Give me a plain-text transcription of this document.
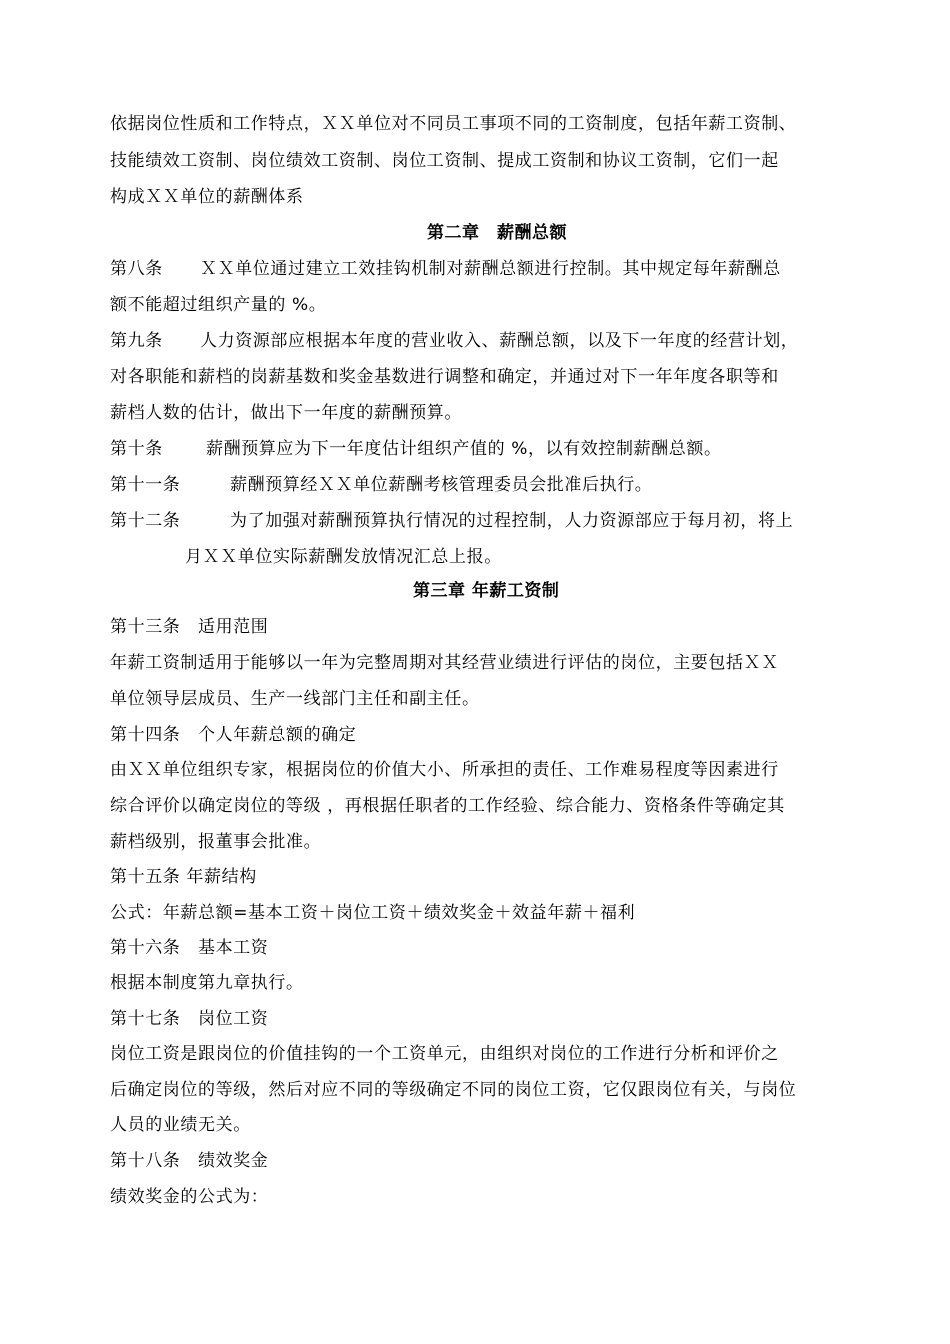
依据岗位性质和工作特点，ＸＸ单位对不同员工事项不同的工资制度，包括年薪工资制、
技能绩效工资制、岗位绩效工资制、岗位工资制、提成工资制和协议工资制，它们一起
构成ＸＸ单位的薪酬体系
第二章　薪酬总额
第八条 ＸＸ单位通过建立工效挂钩机制对薪酬总额进行控制。其中规定每年薪酬总
额不能超过组织产量的 %。
第九条 人力资源部应根据本年度的营业收入、薪酬总额，以及下一年度的经营计划，
对各职能和薪档的岗薪基数和奖金基数进行调整和确定，并通过对下一年年度各职等和
薪档人数的估计，做出下一年度的薪酬预算。
第十条	薪酬预算应为下一年度估计组织产值的 %，以有效控制薪酬总额。
第十一条	薪酬预算经ＸＸ单位薪酬考核管理委员会批准后执行。
第十二条	为了加强对薪酬预算执行情况的过程控制，人力资源部应于每月初，将上
月ＸＸ单位实际薪酬发放情况汇总上报。
第三章 年薪工资制
第十三条　适用范围
年薪工资制适用于能够以一年为完整周期对其经营业绩进行评估的岗位，主要包括ＸＸ
单位领导层成员、生产一线部门主任和副主任。
第十四条　个人年薪总额的确定
由ＸＸ单位组织专家，根据岗位的价值大小、所承担的责任、工作难易程度等因素进行
综合评价以确定岗位的等级 ，再根据任职者的工作经验、综合能力、资格条件等确定其
薪档级别，报董事会批准。
第十五条 年薪结构
公式：年薪总额=基本工资＋岗位工资＋绩效奖金＋效益年薪＋福利
第十六条　基本工资
根据本制度第九章执行。
第十七条　岗位工资
岗位工资是跟岗位的价值挂钩的一个工资单元，由组织对岗位的工作进行分析和评价之
后确定岗位的等级，然后对应不同的等级确定不同的岗位工资，它仅跟岗位有关，与岗位
人员的业绩无关。
第十八条　绩效奖金
绩效奖金的公式为：
